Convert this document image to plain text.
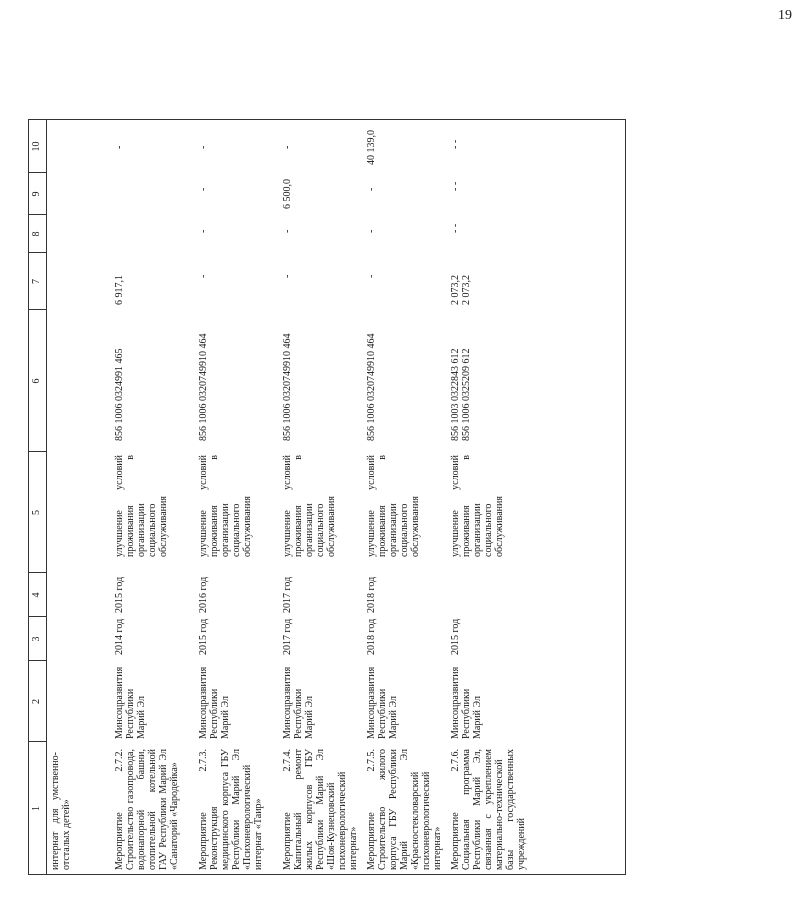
19
1
2
3
4
5
6
7
8
9
10
интернат для умственно-отсталых детей»	Мероприятие 2.7.2. Строительство газопровода, водонапорной башни, отопительной котельной ГАУ Республики Марий Эл «Санаторий «Чародейка»
Минсоцразвития Республики Марий Эл
2014 год
2015 год
улучшение условий проживания в организации социального обслуживания
856 1006 0324991 465
6 917,1
-
Мероприятие 2.7.3. Реконструкция медицинского корпуса ГБУ Республики Марий Эл «Психоневрологический интернат «Таир»
Минсоцразвития Республики Марий Эл
2015 год
2016 год
улучшение условий проживания в организации социального обслуживания
856 1006 0320749910 464
-
-
-
-
Мероприятие 2.7.4. Капитальный ремонт жилых корпусов ГБУ Республики Марий Эл «Шоя-Кузнецовский психоневрологический интернат»
Минсоцразвития Республики Марий Эл
2017 год
2017 год
улучшение условий проживания в организации социального обслуживания
856 1006 0320749910 464
-
-
6 500,0
-
Мероприятие 2.7.5. Строительство жилого корпуса ГБУ Республики Марий Эл «Красностекловарский психоневрологический интернат»
Минсоцразвития Республики Марий Эл
2018 год
2018 год
улучшение условий проживания в организации социального обслуживания
856 1006 0320749910 464
-
-
-
40 139,0
Мероприятие 2.7.6. Социальная программа Республики Марий Эл, связанная с укреплением материально-технической базы государственных учреждений
Минсоцразвития Республики Марий Эл
2015 год
улучшение условий проживания в организации социального обслуживания
856 1003 0322843 612 856 1006 0325209 612
2 073,2 2 073,2
- -
- -
- -
